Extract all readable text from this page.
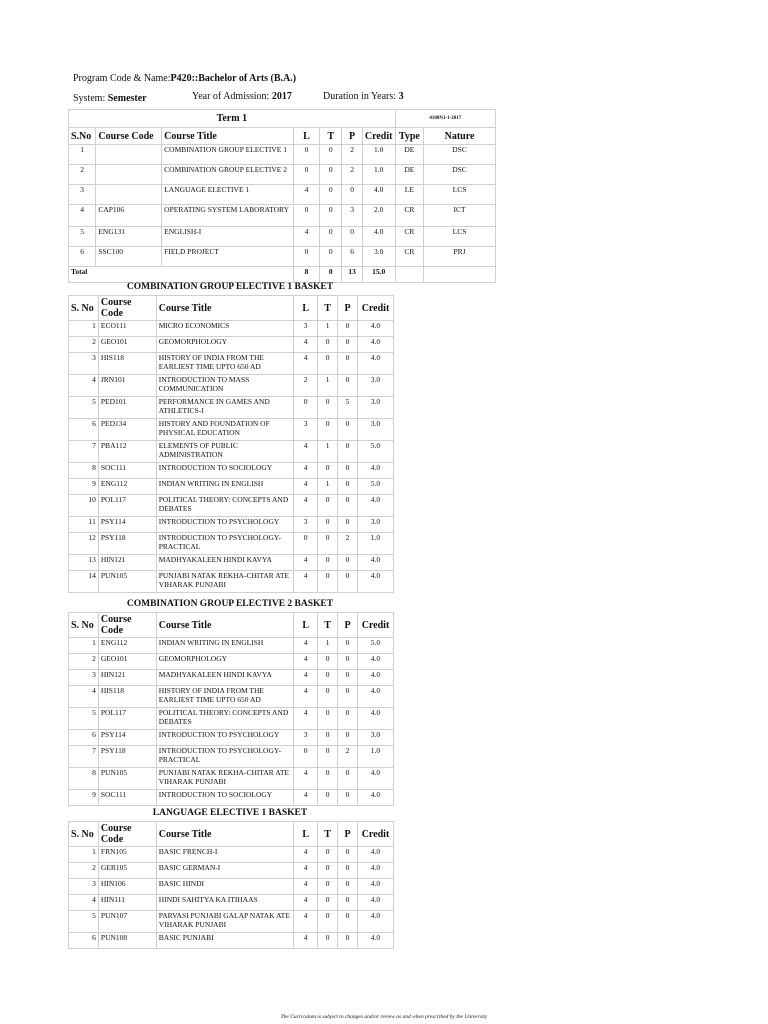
Program Code & Name:P420::Bachelor of Arts (B.A.)
System: Semester	Year of Admission: 2017	Duration in Years: 3
Term 1							4108N1-1-2017	
S.No	Course Code	Course Title	L	T	P	Credit	Type	Nature
1		COMBINATION GROUP ELECTIVE 1	0	0	2	1.0	DE	DSC
2		COMBINATION GROUP ELECTIVE 2	0	0	2	1.0	DE	DSC
3		LANGUAGE ELECTIVE 1	4	0	0	4.0	LE	LCS
4	CAP106	OPERATING SYSTEM LABORATORY	0	0	3	2.0	CR	ICT
5	ENG131	ENGLISH-I	4	0	0	4.0	CR	LCS
6	SSC100	FIELD PROJECT	0	0	6	3.0	CR	PRJ
Total			8	0	13	15.0		
COMBINATION GROUP ELECTIVE 1 BASKET
S. No	Course Code	Course Title	L	T	P	Credit
1	ECO111	MICRO ECONOMICS	3	1	0	4.0
2	GEO101	GEOMORPHOLOGY	4	0	0	4.0
3	HIS118	HISTORY OF INDIA FROM THE EARLIEST TIME UPTO 650 AD	4	0	0	4.0
4	JRN101	INTRODUCTION TO MASS COMMUNICATION	2	1	0	3.0
5	PED101	PERFORMANCE IN GAMES AND ATHLETICS-I	0	0	5	3.0
6	PED134	HISTORY AND FOUNDATION OF PHYSICAL EDUCATION	3	0	0	3.0
7	PBA112	ELEMENTS OF PUBLIC ADMINISTRATION	4	1	0	5.0
8	SOC111	INTRODUCTION TO SOCIOLOGY	4	0	0	4.0
9	ENG112	INDIAN WRITING IN ENGLISH	4	1	0	5.0
10	POL117	POLITICAL THEORY: CONCEPTS AND DEBATES	4	0	0	4.0
11	PSY114	INTRODUCTION TO PSYCHOLOGY	3	0	0	3.0
12	PSY118	INTRODUCTION TO PSYCHOLOGY-PRACTICAL	0	0	2	1.0
13	HIN121	MADHYAKALEEN HINDI KAVYA	4	0	0	4.0
14	PUN105	PUNJABI NATAK REKHA-CHITAR ATE VIHARAK PUNJABI	4	0	0	4.0
COMBINATION GROUP ELECTIVE 2 BASKET
S. No	Course Code	Course Title	L	T	P	Credit
1	ENG112	INDIAN WRITING IN ENGLISH	4	1	0	5.0
2	GEO101	GEOMORPHOLOGY	4	0	0	4.0
3	HIN121	MADHYAKALEEN HINDI KAVYA	4	0	0	4.0
4	HIS118	HISTORY OF INDIA FROM THE EARLIEST TIME UPTO 650 AD	4	0	0	4.0
5	POL117	POLITICAL THEORY: CONCEPTS AND DEBATES	4	0	0	4.0
6	PSY114	INTRODUCTION TO PSYCHOLOGY	3	0	0	3.0
7	PSY118	INTRODUCTION TO PSYCHOLOGY-PRACTICAL	0	0	2	1.0
8	PUN105	PUNJABI NATAK REKHA-CHITAR ATE VIHARAK PUNJABI	4	0	0	4.0
9	SOC111	INTRODUCTION TO SOCIOLOGY	4	0	0	4.0
LANGUAGE ELECTIVE 1 BASKET
S. No	Course Code	Course Title	L	T	P	Credit
1	FRN105	BASIC FRENCH-I	4	0	0	4.0
2	GER105	BASIC GERMAN-I	4	0	0	4.0
3	HIN106	BASIC HINDI	4	0	0	4.0
4	HIN111	HINDI SAHITYA KA ITIHAAS	4	0	0	4.0
5	PUN107	PARVASI PUNJABI GALAP NATAK ATE VIHARAK PUNJABI	4	0	0	4.0
6	PUN108	BASIC PUNJABI	4	0	0	4.0
The Curriculum is subject to changes and/or review as and when prescribed by the University
